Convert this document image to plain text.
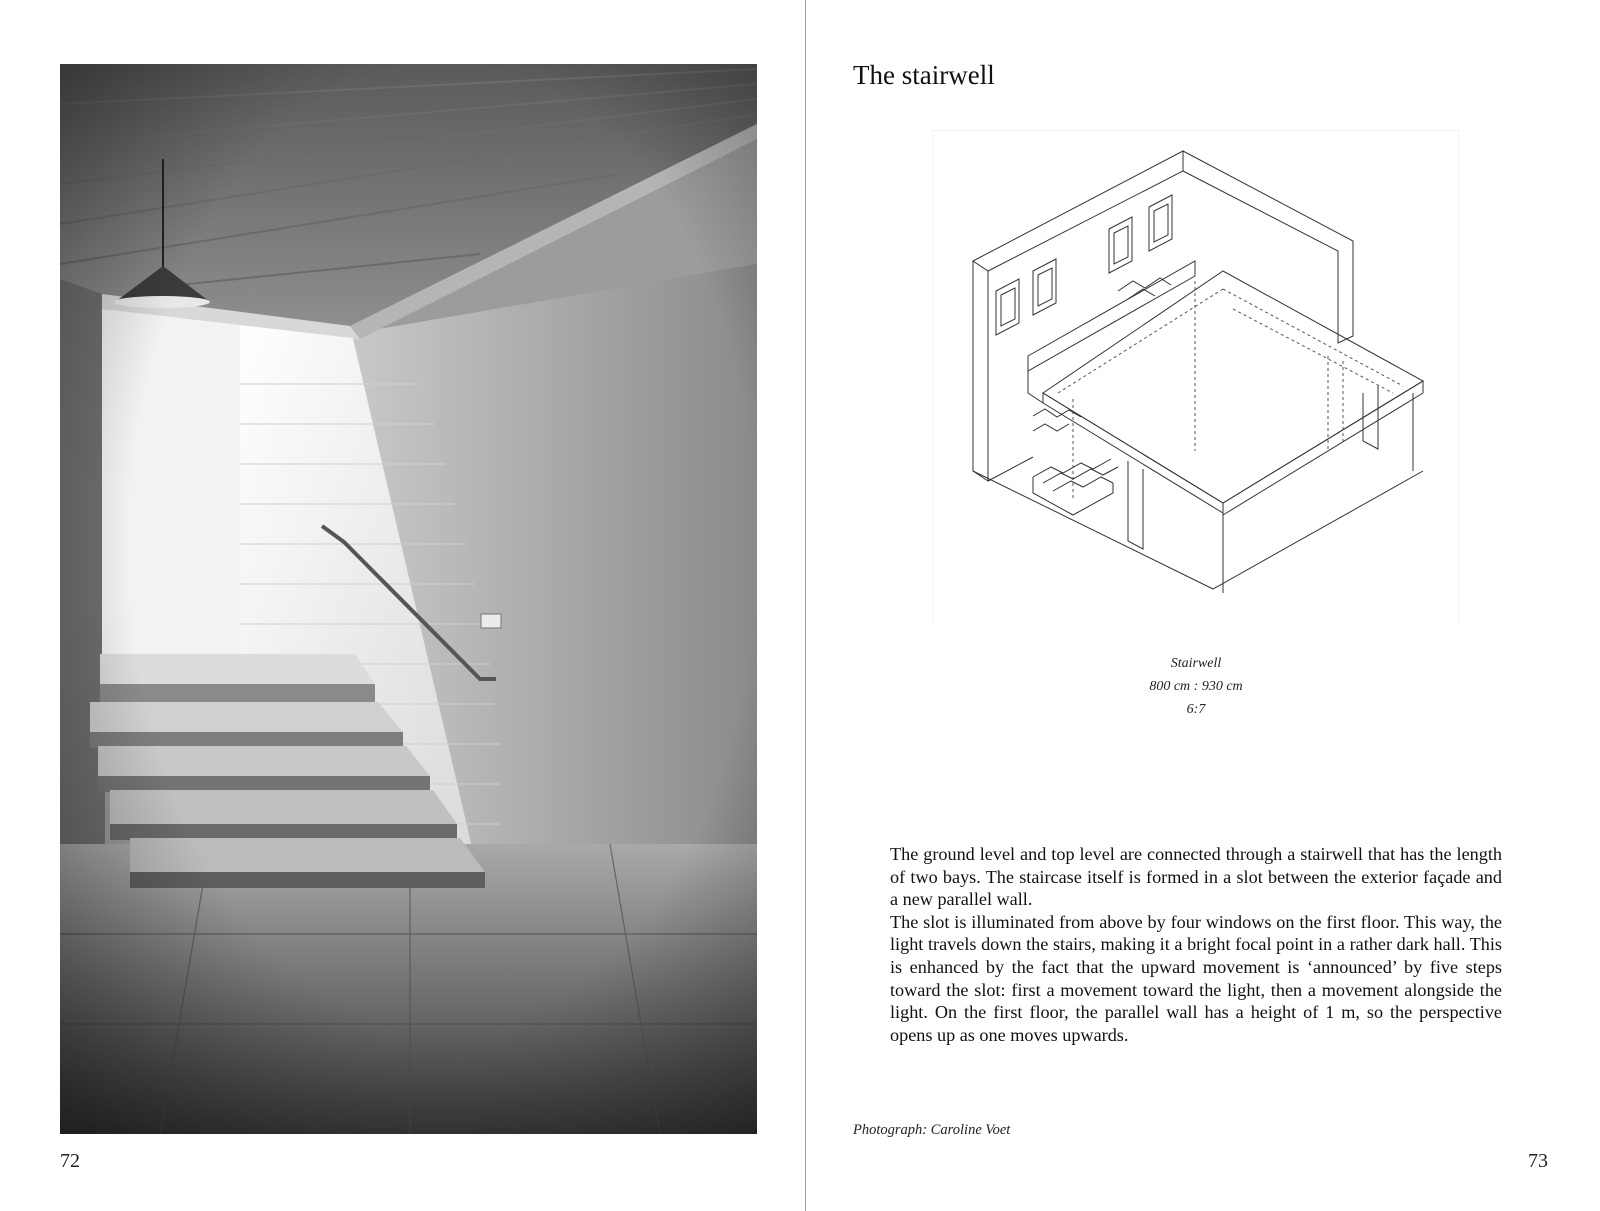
72
The stairwell
Stairwell
800 cm : 930 cm
6:7

The ground level and top level are connected through a stairwell that has the length of two bays. The staircase itself is formed in a slot between the exterior façade and a new parallel wall.

The slot is illuminated from above by four windows on the first floor. This way, the light travels down the stairs, making it a bright focal point in a rather dark hall. This is enhanced by the fact that the upward movement is ‘announced’ by five steps toward the slot: first a movement toward the light, then a movement alongside the light. On the first floor, the parallel wall has a height of 1 m, so the perspective opens up as one moves upwards.

Photograph: Caroline Voet
73
